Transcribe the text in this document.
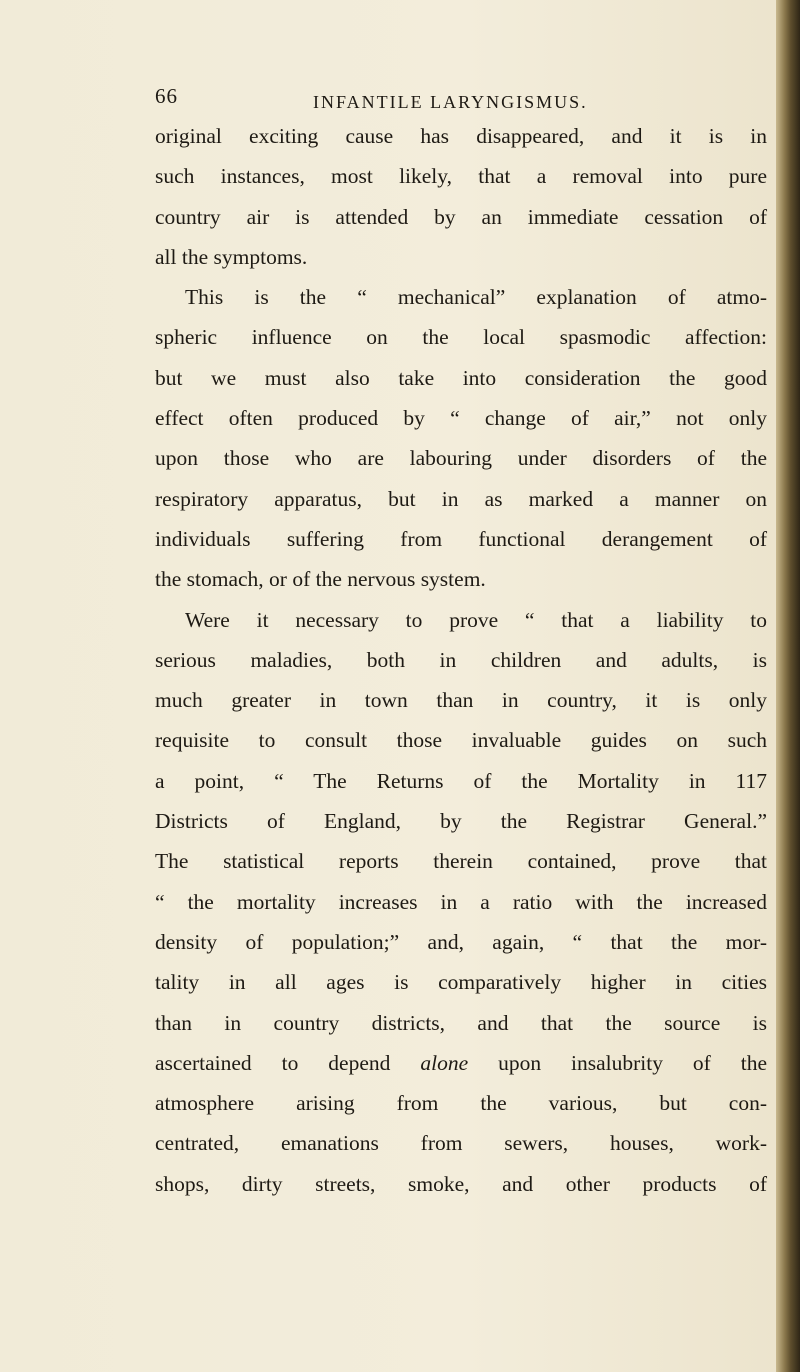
66	INFANTILE LARYNGISMUS.
original exciting cause has disappeared, and it is in
such instances, most likely, that a removal into pure
country air is attended by an immediate cessation of
all the symptoms.
This is the “ mechanical” explanation of atmo-
spheric influence on the local spasmodic affection:
but we must also take into consideration the good
effect often produced by “ change of air,” not only
upon those who are labouring under disorders of the
respiratory apparatus, but in as marked a manner on
individuals suffering from functional derangement of
the stomach, or of the nervous system.
Were it necessary to prove “ that a liability to
serious maladies, both in children and adults, is
much greater in town than in country, it is only
requisite to consult those invaluable guides on such
a point, “ The Returns of the Mortality in 117
Districts of England, by the Registrar General.”
The statistical reports therein contained, prove that
“ the mortality increases in a ratio with the increased
density of population;” and, again, “ that the mor-
tality in all ages is comparatively higher in cities
than in country districts, and that the source is
ascertained to depend alone upon insalubrity of the
atmosphere arising from the various, but con-
centrated, emanations from sewers, houses, work-
shops, dirty streets, smoke, and other products of
